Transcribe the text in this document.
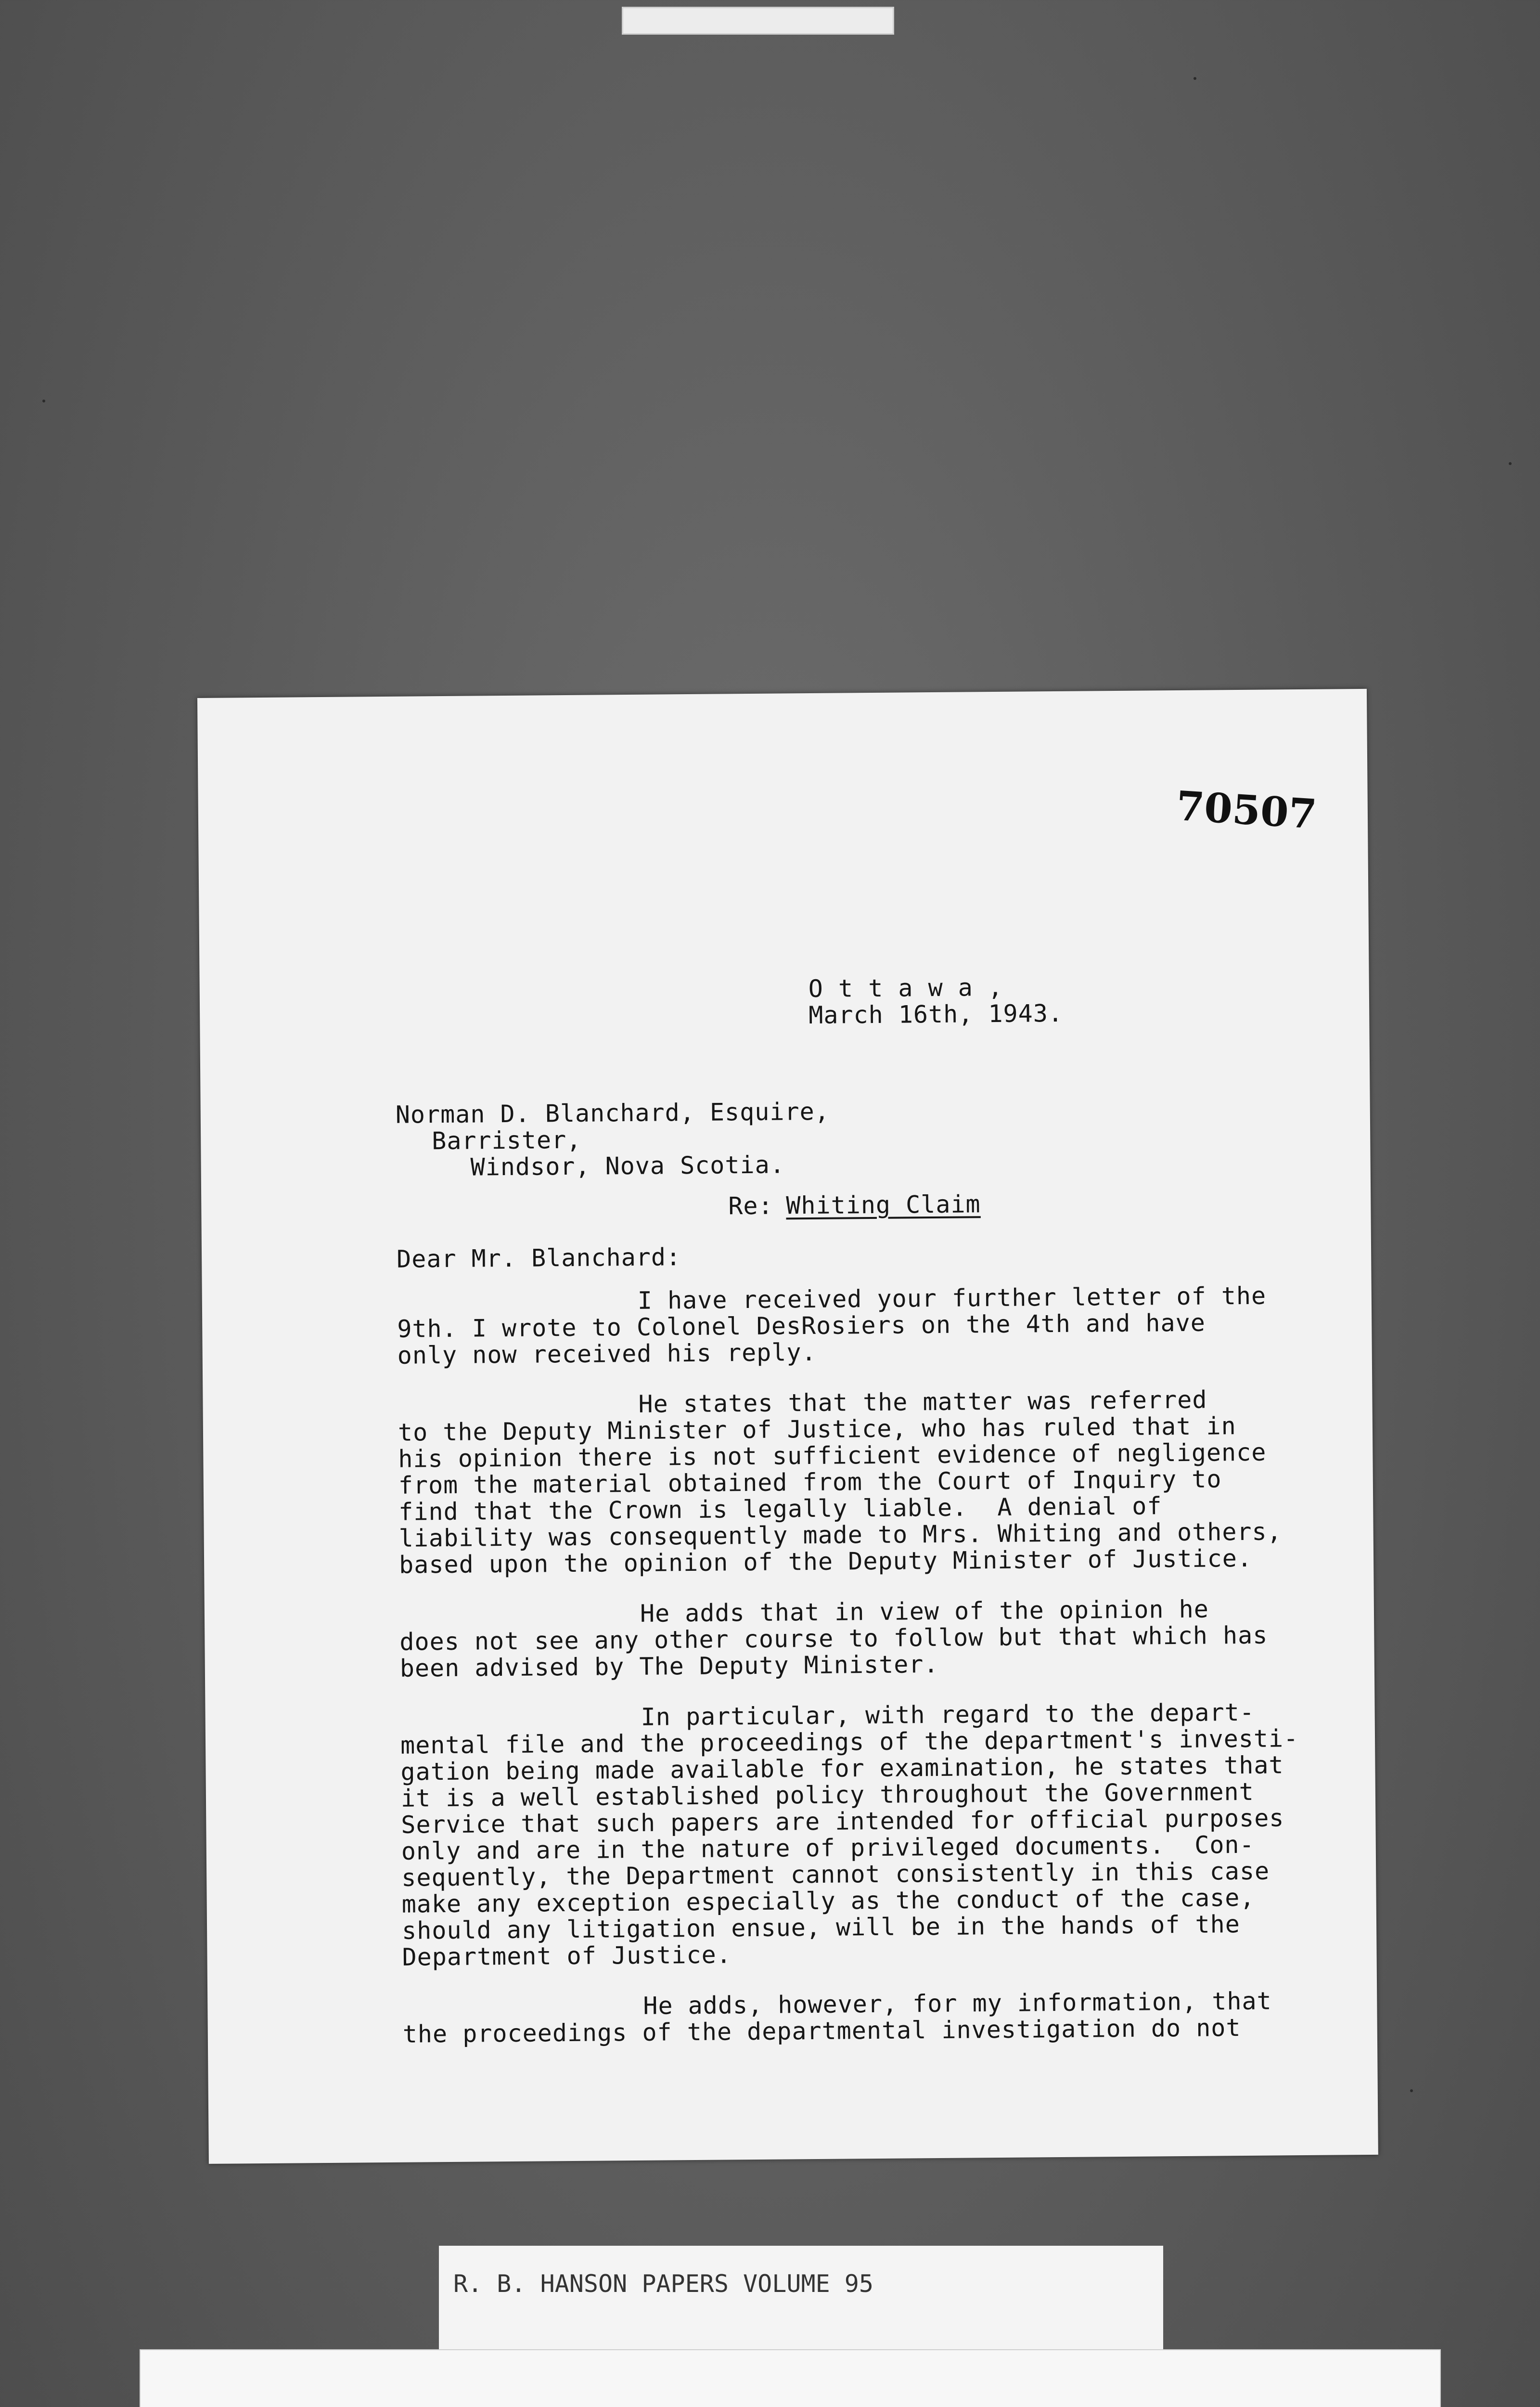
70507
O t t a w a ,
March 16th, 1943.
Norman D. Blanchard, Esquire,
Barrister,
Windsor, Nova Scotia.
Re: Whiting Claim
Dear Mr. Blanchard:
I have received your further letter of the
9th. I wrote to Colonel DesRosiers on the 4th and have
only now received his reply.
He states that the matter was referred
to the Deputy Minister of Justice, who has ruled that in
his opinion there is not sufficient evidence of negligence
from the material obtained from the Court of Inquiry to
find that the Crown is legally liable.  A denial of
liability was consequently made to Mrs. Whiting and others,
based upon the opinion of the Deputy Minister of Justice.
He adds that in view of the opinion he
does not see any other course to follow but that which has
been advised by The Deputy Minister.
In particular, with regard to the depart-
mental file and the proceedings of the department's investi-
gation being made available for examination, he states that
it is a well established policy throughout the Government
Service that such papers are intended for official purposes
only and are in the nature of privileged documents.  Con-
sequently, the Department cannot consistently in this case
make any exception especially as the conduct of the case,
should any litigation ensue, will be in the hands of the
Department of Justice.
He adds, however, for my information, that
the proceedings of the departmental investigation do not
R. B. HANSON PAPERS VOLUME 95
